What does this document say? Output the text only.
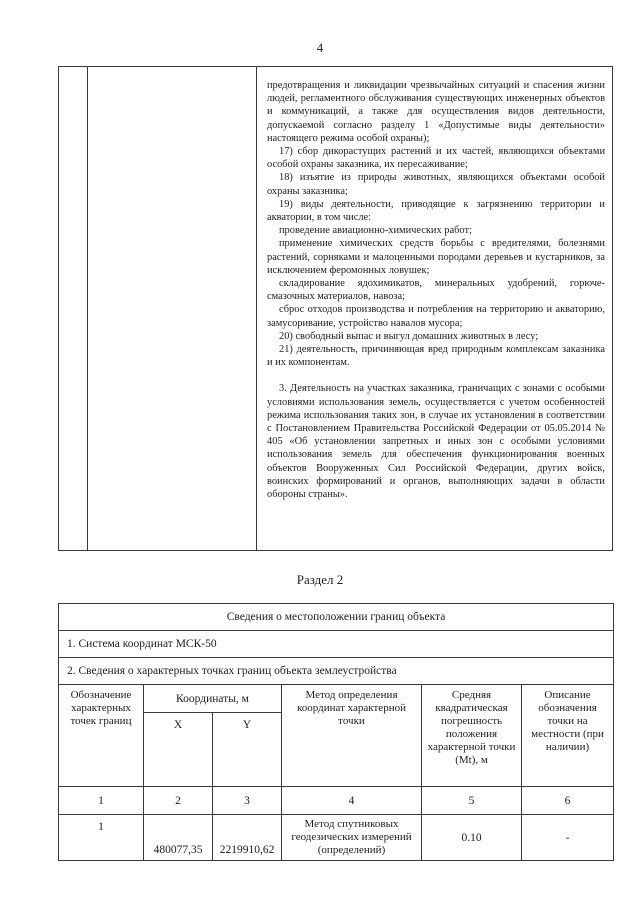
4

предотвращения и ликвидации чрезвычайных ситуаций и спасения жизни людей, регламентного обслуживания существующих инженерных объектов и коммуникаций, а также для осуществления видов деятельности, допускаемой согласно разделу 1 «Допустимые виды деятельности» настоящего режима особой охраны);

17) сбор дикорастущих растений и их частей, являющихся объектами особой охраны заказника, их пересаживание;

18) изъятие из природы животных, являющихся объектами особой охраны заказника;

19) виды деятельности, приводящие к загрязнению территории и акватории, в том числе:

проведение авиационно-химических работ;

применение химических средств борьбы с вредителями, болезнями растений, сорняками и малоценными породами деревьев и кустарников, за исключением феромонных ловушек;

складирование ядохимикатов, минеральных удобрений, горюче-смазочных материалов, навоза;

сброс отходов производства и потребления на территорию и акваторию, замусоривание, устройство навалов мусора;

20) свободный выпас и выгул домашних животных в лесу;

21) деятельность, причиняющая вред природным комплексам заказника и их компонентам.

3. Деятельность на участках заказника, граничащих с зонами с особыми условиями использования земель, осуществляется с учетом особенностей режима использования таких зон, в случае их установления в соответствии с Постановлением Правительства Российской Федерации от 05.05.2014 № 405 «Об установлении запретных и иных зон с особыми условиями использования земель для обеспечения функционирования военных объектов Вооруженных Сил Российской Федерации, других войск, воинских формирований и органов, выполняющих задачи в области обороны страны».

Раздел 2
Сведения о местоположении границ объекта					
1. Система координат МСК-50					
2. Сведения о характерных точках границ объекта землеустройства					
Обозначение характерных точек границ	Координаты, м		Метод определения координат характерной точки	Средняя квадратическая погрешность положения характерной точки (Mt), м	Описание обозначения точки на местности (при наличии)
	X	Y			
1	2	3	4	5	6
1	480077,35	2219910,62	Метод спутниковых геодезических измерений (определений)	0.10	-
